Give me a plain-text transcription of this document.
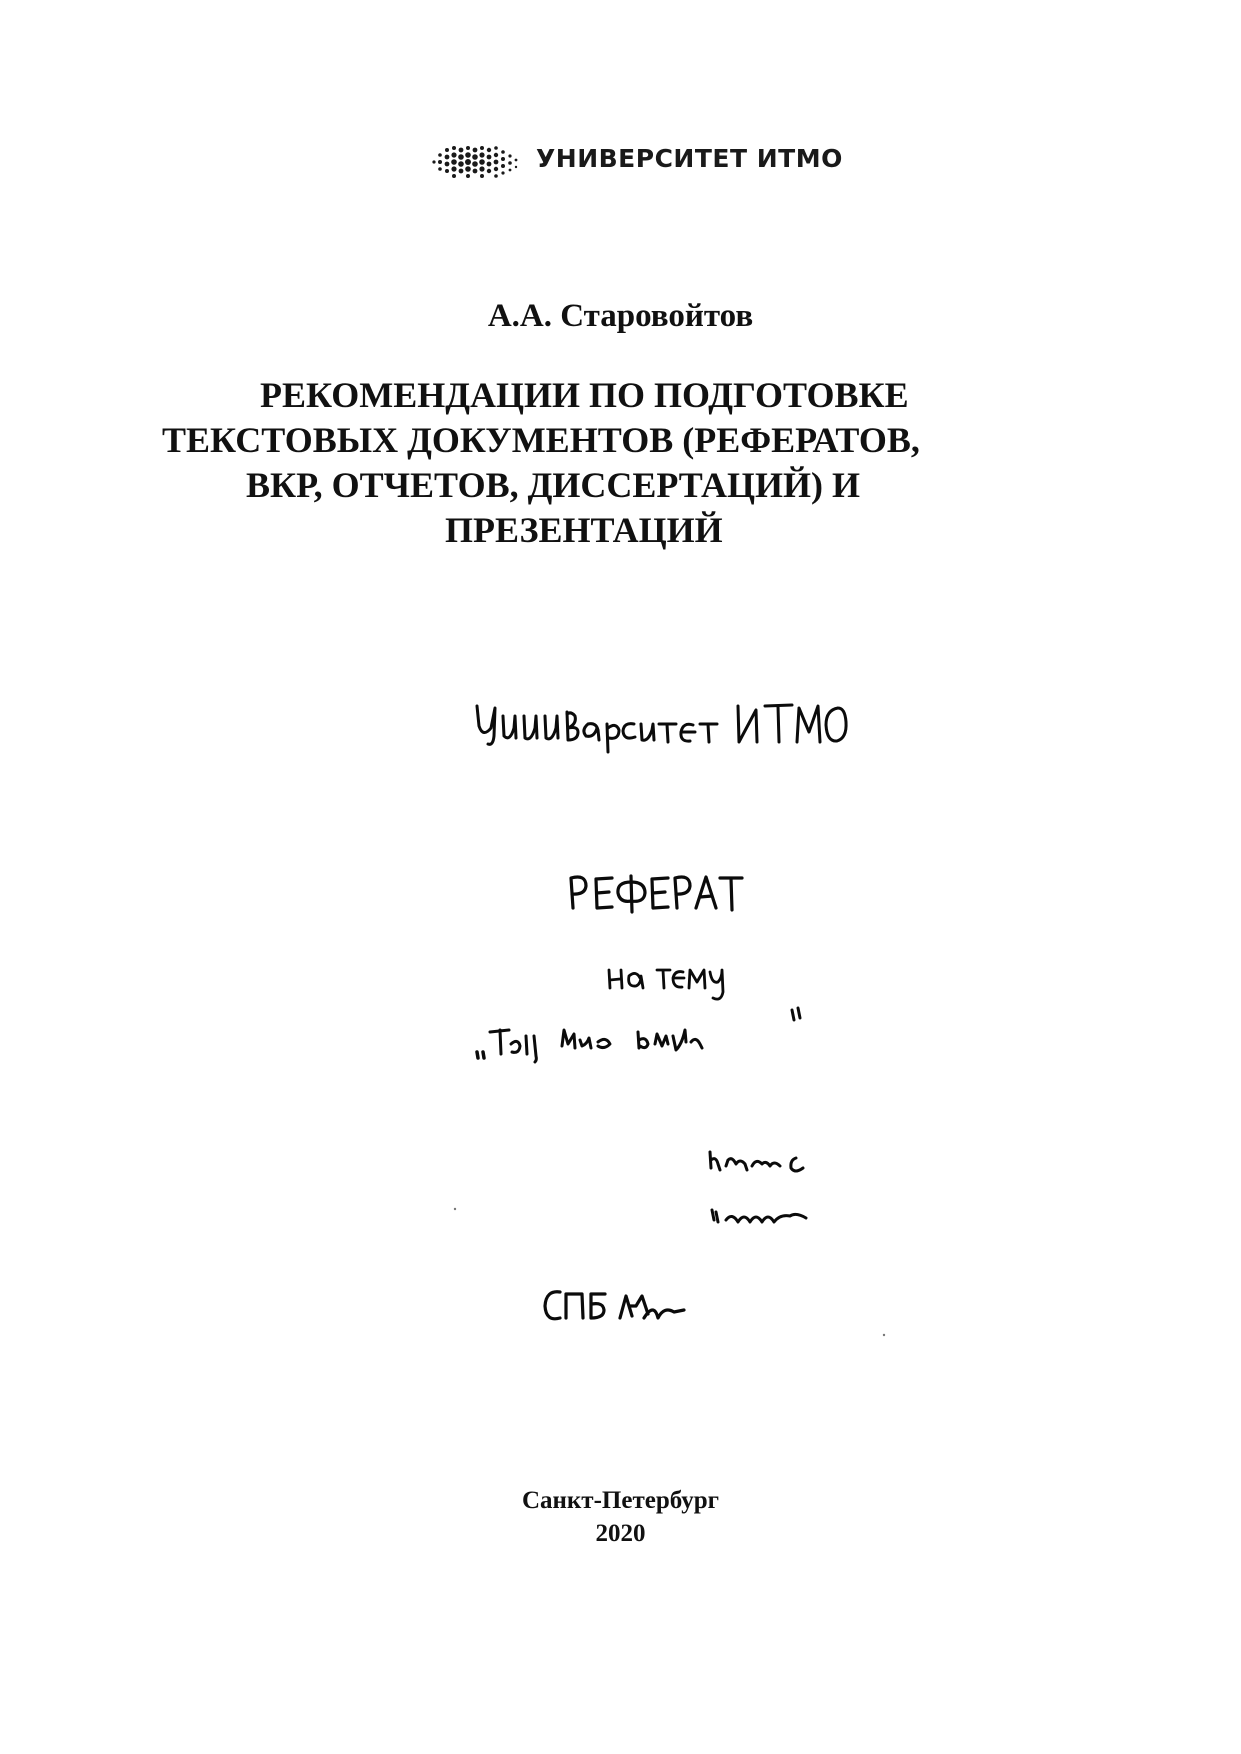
УНИВЕРСИТЕТ ИТМО
А.А. Старовойтов
РЕКОМЕНДАЦИИ ПО ПОДГОТОВКЕ
ТЕКСТОВЫХ ДОКУМЕНТОВ (РЕФЕРАТОВ,
ВКР, ОТЧЕТОВ, ДИССЕРТАЦИЙ) И
ПРЕЗЕНТАЦИЙ
Санкт-Петербург
2020
